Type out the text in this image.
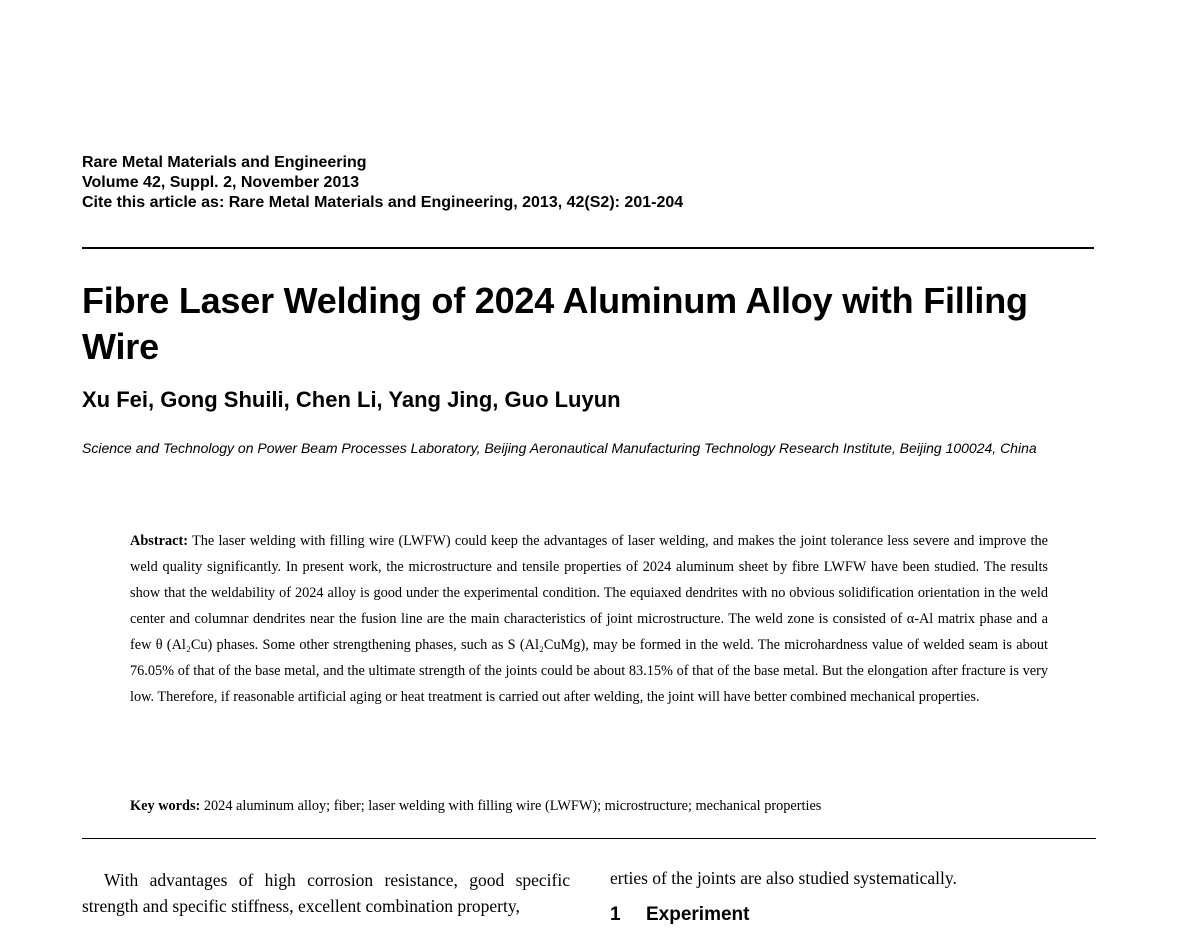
Rare Metal Materials and Engineering
Volume 42, Suppl. 2, November 2013
Cite this article as: Rare Metal Materials and Engineering, 2013, 42(S2): 201-204
Fibre Laser Welding of 2024 Aluminum Alloy with Filling Wire
Xu Fei, Gong Shuili, Chen Li, Yang Jing, Guo Luyun
Science and Technology on Power Beam Processes Laboratory, Beijing Aeronautical Manufacturing Technology Research Institute, Beijing 100024, China
Abstract: The laser welding with filling wire (LWFW) could keep the advantages of laser welding, and makes the joint tolerance less severe and improve the weld quality significantly. In present work, the microstructure and tensile properties of 2024 aluminum sheet by fibre LWFW have been studied. The results show that the weldability of 2024 alloy is good under the experimental condition. The equiaxed dendrites with no obvious solidification orientation in the weld center and columnar dendrites near the fusion line are the main characteristics of joint microstructure. The weld zone is consisted of α-Al matrix phase and a few θ (Al₂Cu) phases. Some other strengthening phases, such as S (Al₂CuMg), may be formed in the weld. The microhardness value of welded seam is about 76.05% of that of the base metal, and the ultimate strength of the joints could be about 83.15% of that of the base metal. But the elongation after fracture is very low. Therefore, if reasonable artificial aging or heat treatment is carried out after welding, the joint will have better combined mechanical properties.
Key words: 2024 aluminum alloy; fiber; laser welding with filling wire (LWFW); microstructure; mechanical properties
With advantages of high corrosion resistance, good specific strength and specific stiffness, excellent combination property,
erties of the joints are also studied systematically.
1 Experiment
